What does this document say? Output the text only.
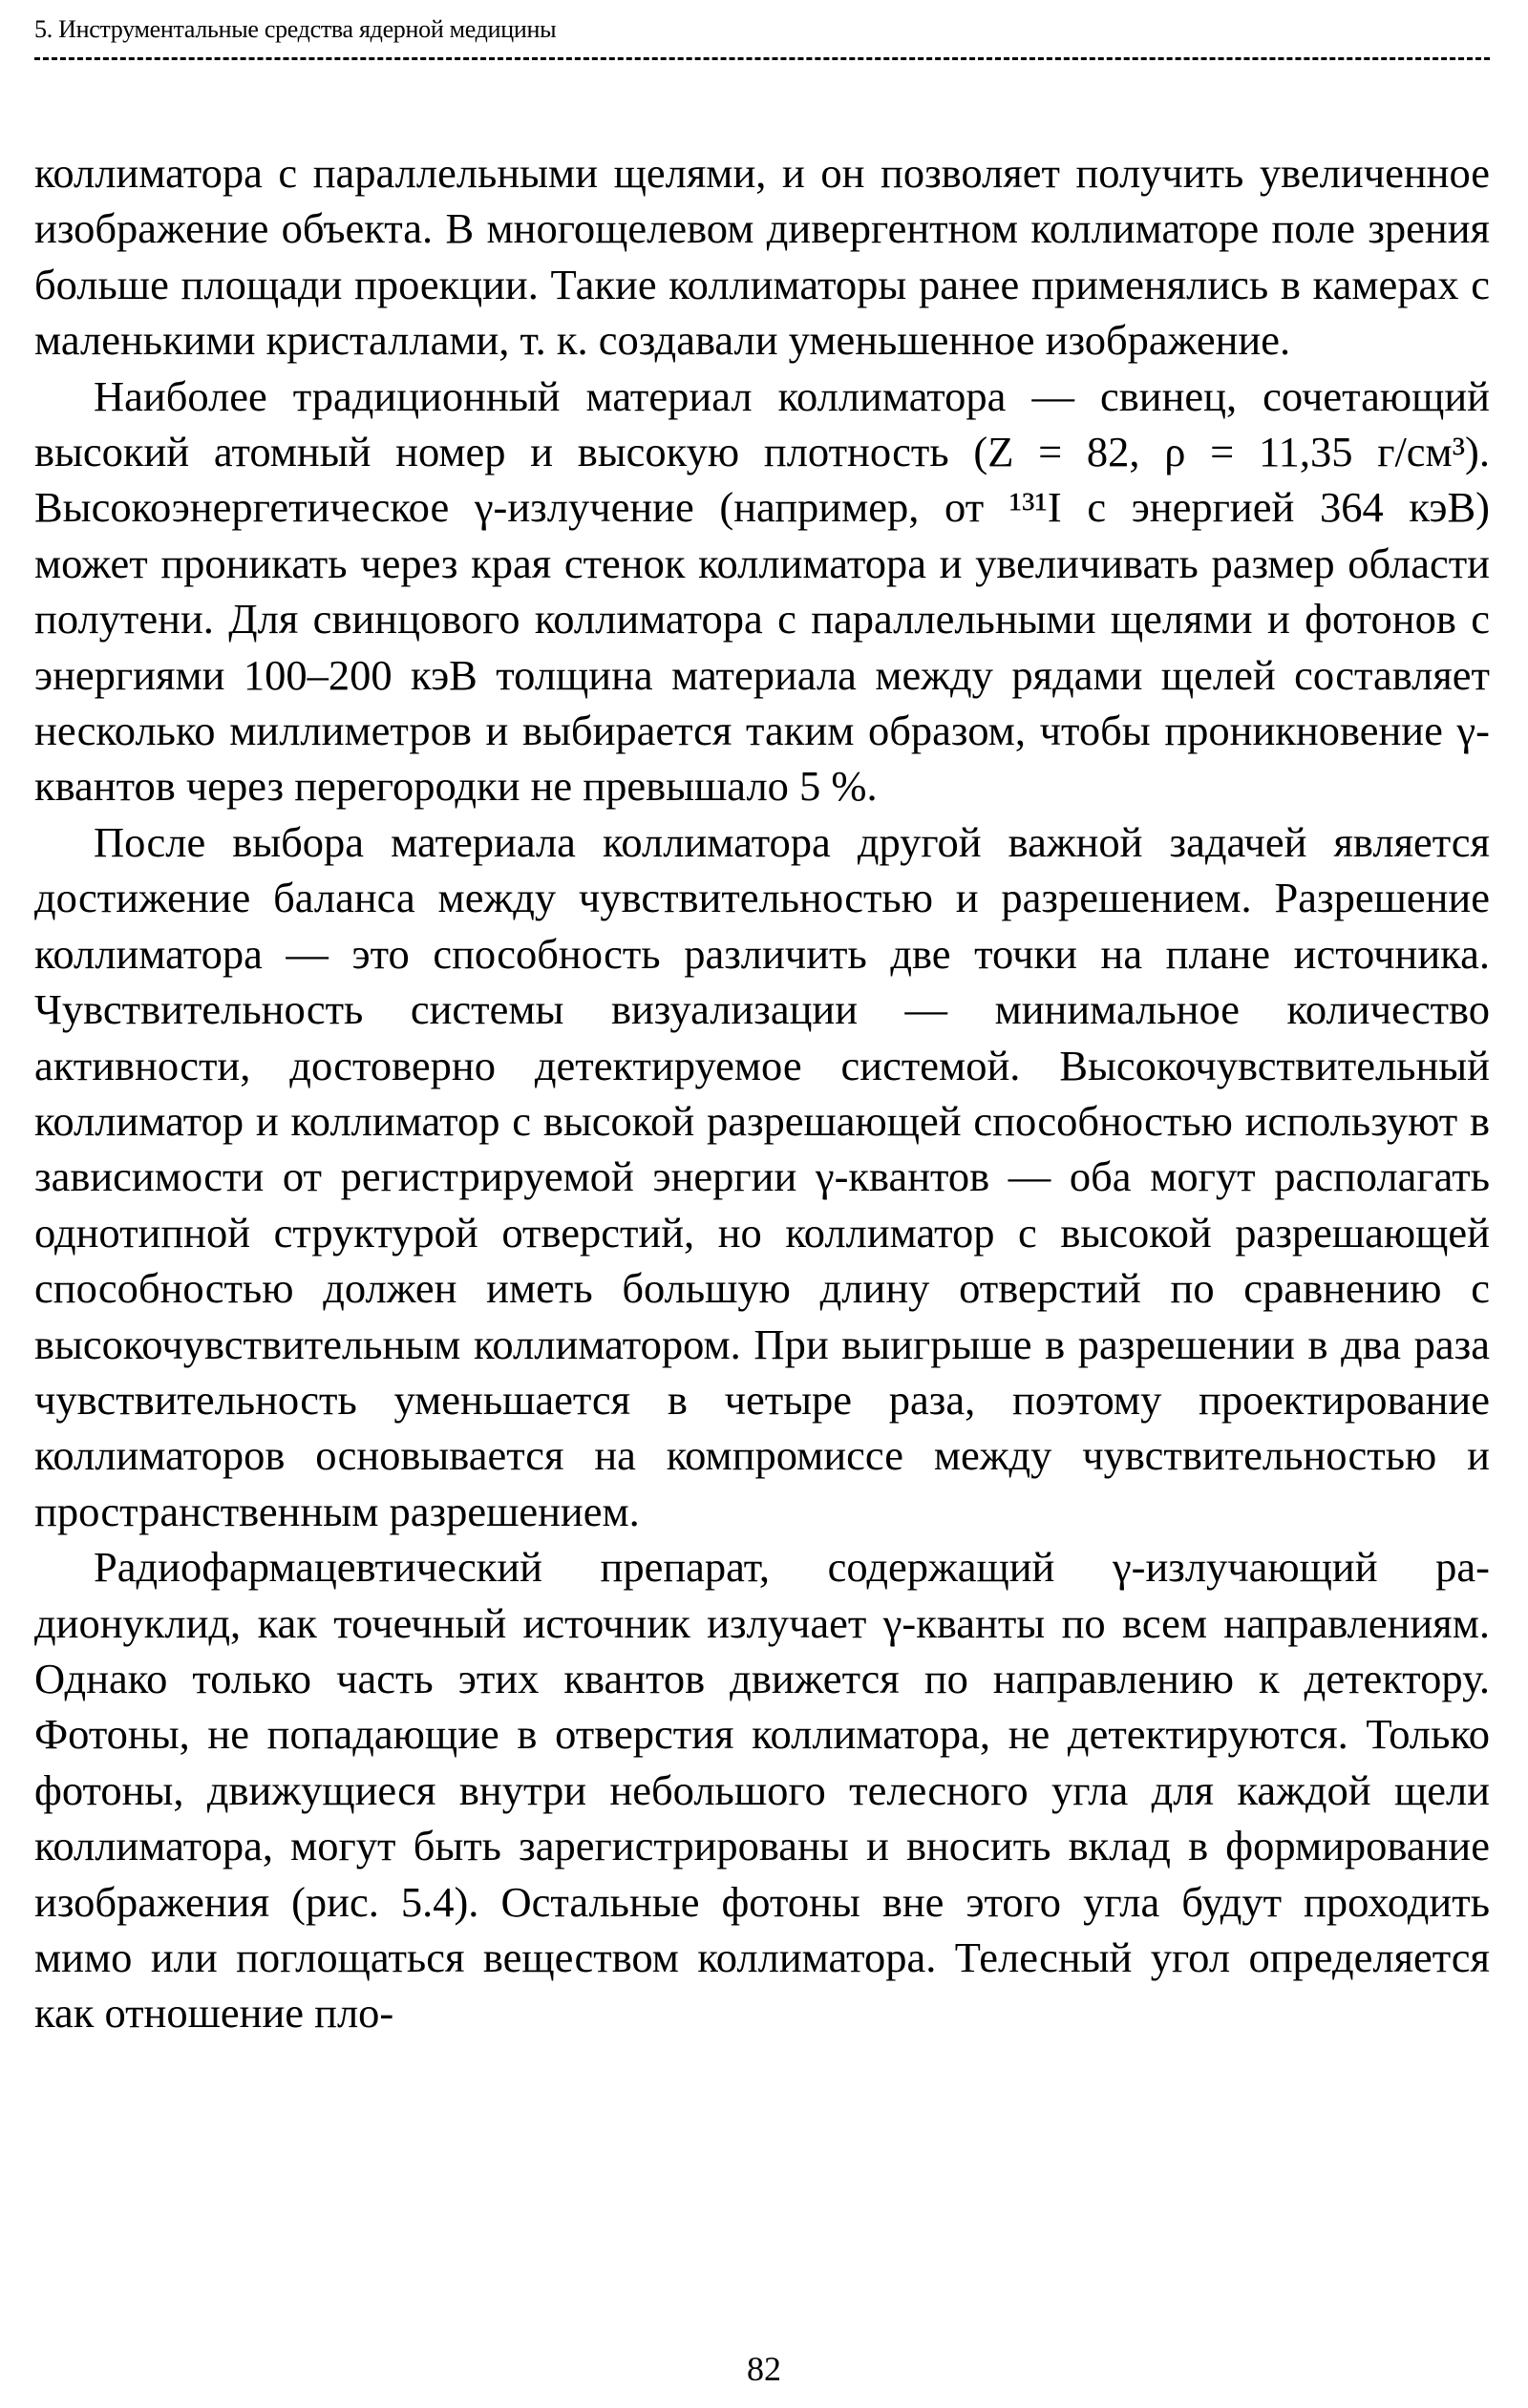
5. Инструментальные средства ядерной медицины

коллиматора с параллельными щелями, и он позволяет получить увеличенное изображение объекта. В многощелевом дивергентном коллиматоре поле зрения больше площади проекции. Такие коллиматоры ранее применялись в камерах с маленькими кристаллами, т. к. создавали уменьшенное изображение.

Наиболее традиционный материал коллиматора — свинец, сочетающий высокий атомный номер и высокую плотность (Z = 82, ρ = 11,35 г/см³). Высокоэнергетическое γ-излучение (например, от ¹³¹I с энергией 364 кэВ) может проникать через края стенок коллиматора и увеличивать размер области полутени. Для свинцового коллиматора с параллельными щелями и фотонов с энергиями 100–200 кэВ толщина материала между рядами щелей составляет несколько миллиметров и выбирается таким образом, чтобы проникновение γ-квантов через перегородки не превышало 5 %.

После выбора материала коллиматора другой важной задачей является достижение баланса между чувствительностью и разрешением. Разрешение коллиматора — это способность различить две точки на плане источника. Чувствительность системы визуализации — минимальное количество активности, достоверно детектируемое системой. Высокочувствительный коллиматор и коллиматор с высокой разрешающей способностью используют в зависимости от регистрируемой энергии γ-квантов — оба могут располагать однотипной структурой отверстий, но коллиматор с высокой разрешающей способностью должен иметь большую длину отверстий по сравнению с высокочувствительным коллиматором. При выигрыше в разрешении в два раза чувствительность уменьшается в четыре раза, поэтому проектирование коллиматоров основывается на компромиссе между чувствительностью и пространственным разрешением.

Радиофармацевтический препарат, содержащий γ-излучающий радионуклид, как точечный источник излучает γ-кванты по всем направлениям. Однако только часть этих квантов движется по направлению к детектору. Фотоны, не попадающие в отверстия коллиматора, не детектируются. Только фотоны, движущиеся внутри небольшого телесного угла для каждой щели коллиматора, могут быть зарегистрированы и вносить вклад в формирование изображения (рис. 5.4). Остальные фотоны вне этого угла будут проходить мимо или поглощаться веществом коллиматора. Телесный угол определяется как отношение пло-

82
